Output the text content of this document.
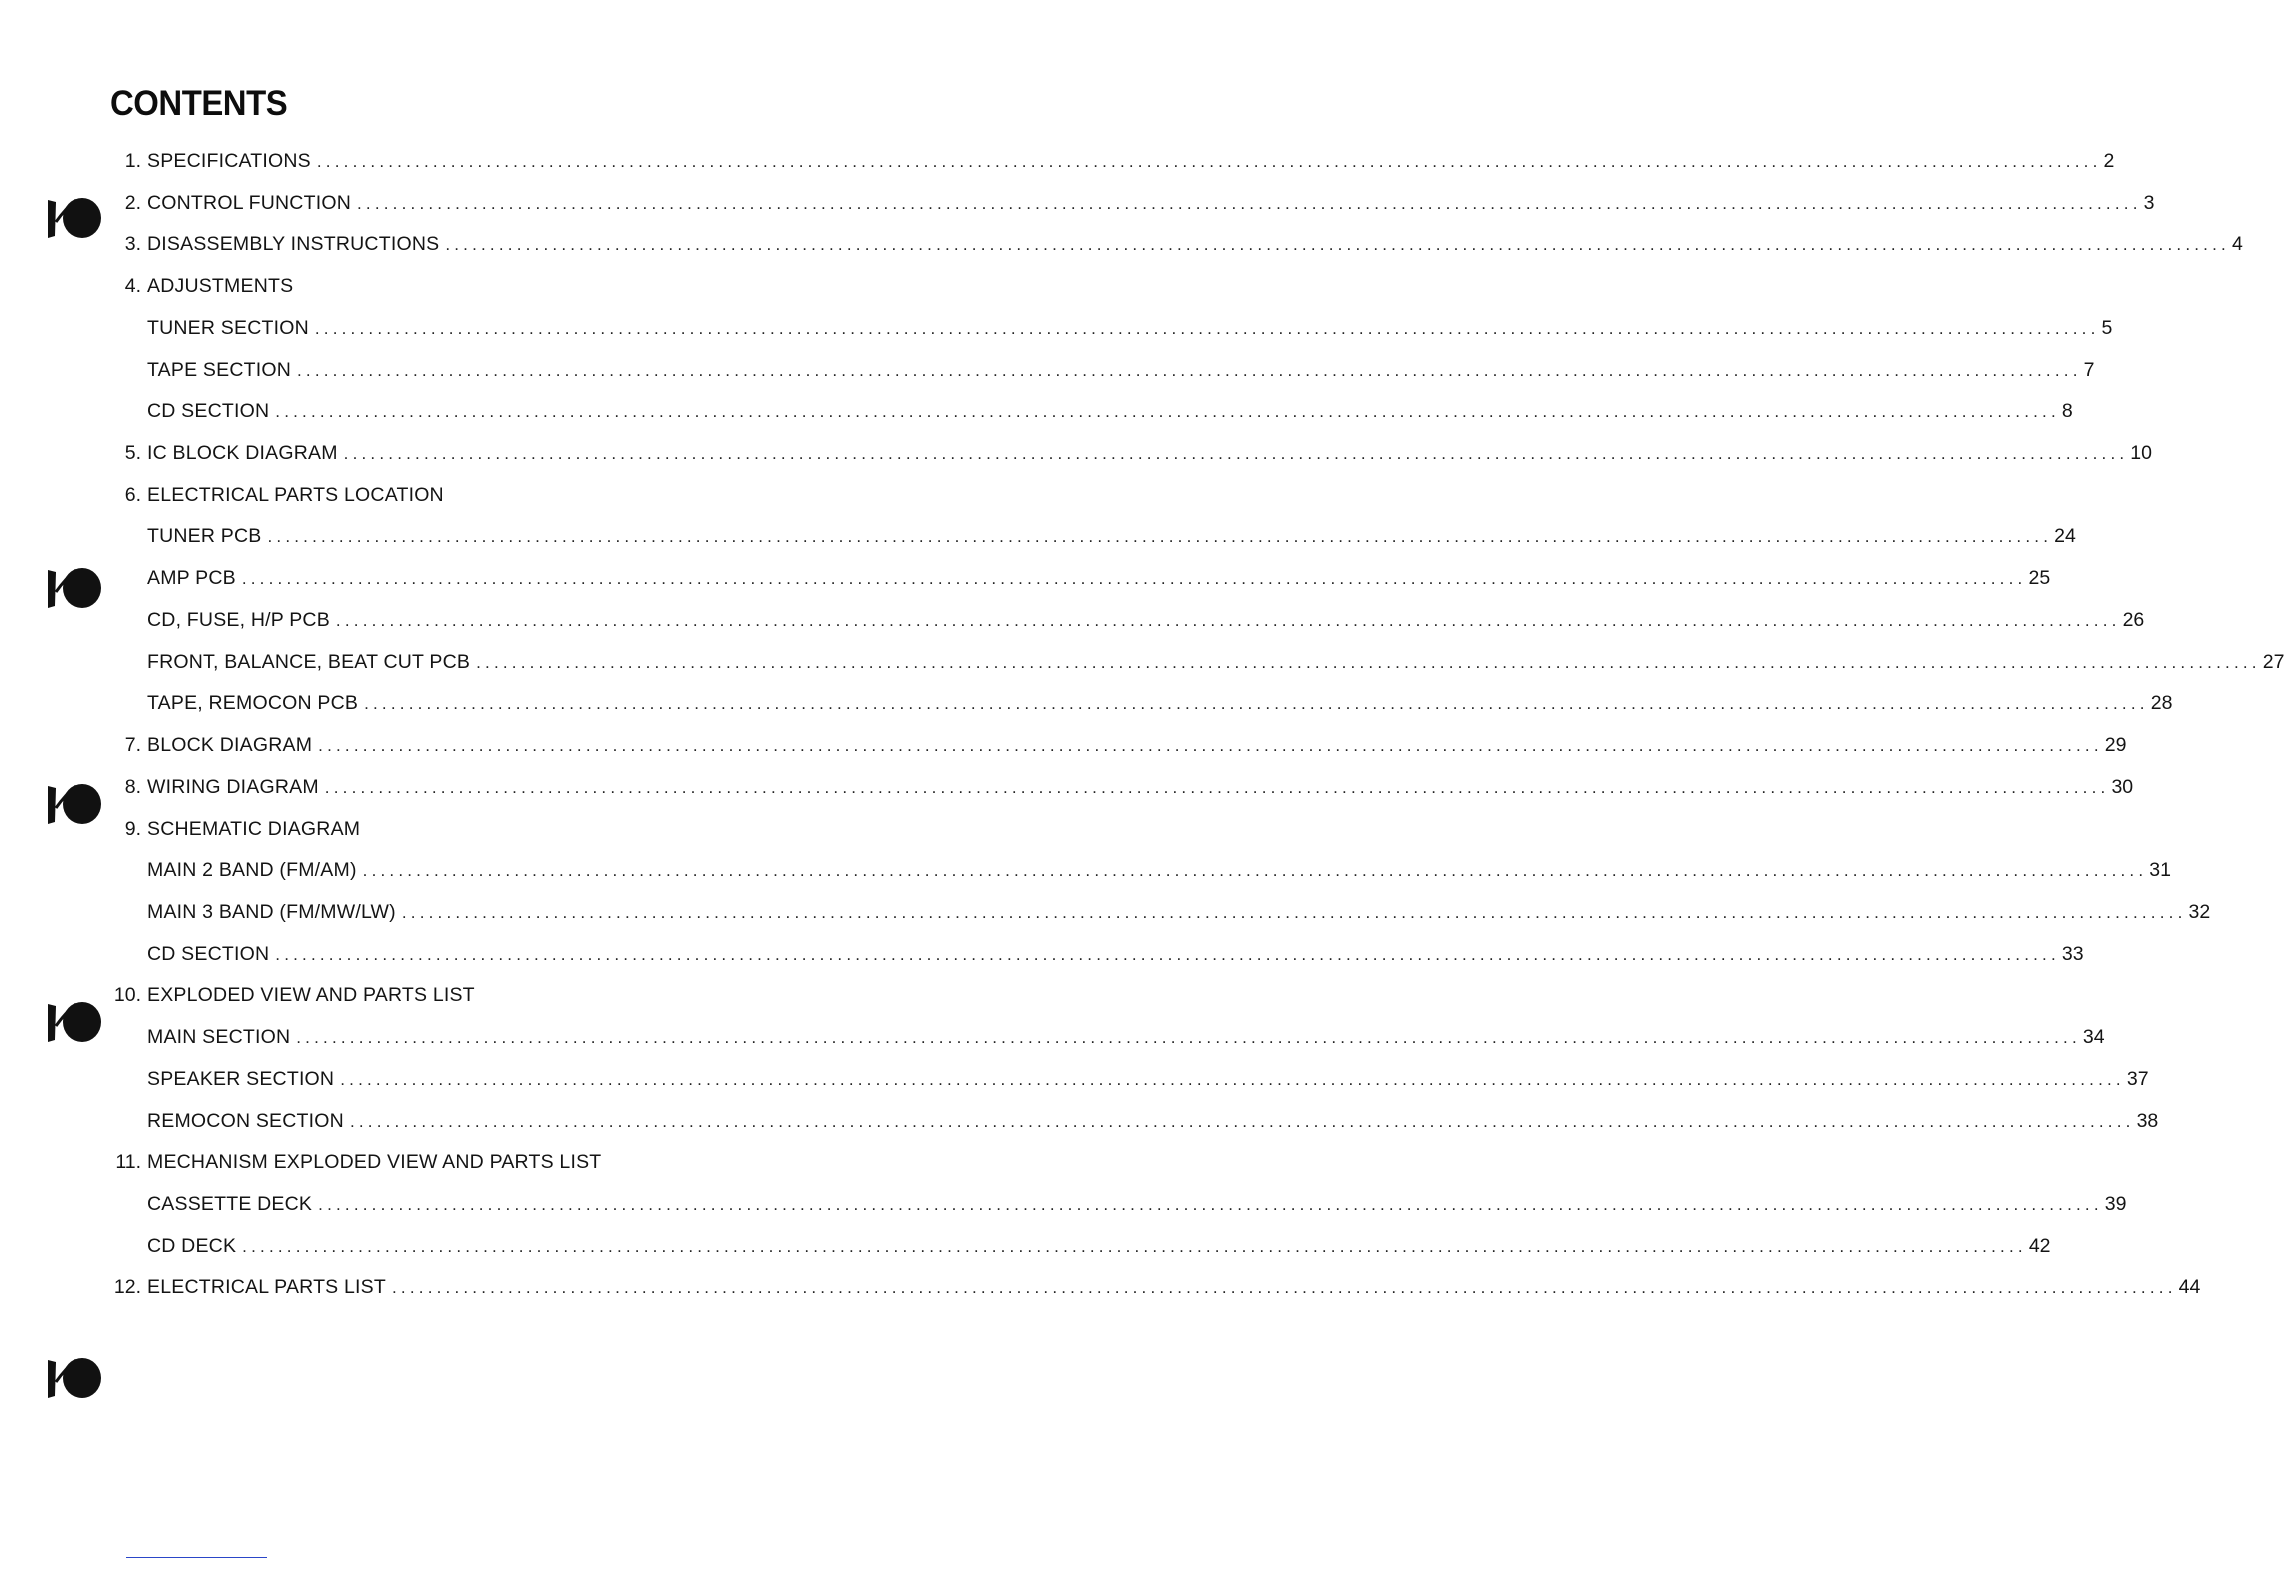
CONTENTS
1. SPECIFICATIONS ........................................................................................................................................................................................................ 2
2. CONTROL FUNCTION ........................................................................................................................................................................................................ 3
3. DISASSEMBLY INSTRUCTIONS ........................................................................................................................................................................................................ 4
4. ADJUSTMENTS
TUNER SECTION ........................................................................................................................................................................................................ 5
TAPE SECTION ........................................................................................................................................................................................................ 7
CD SECTION ........................................................................................................................................................................................................ 8
5. IC BLOCK DIAGRAM ........................................................................................................................................................................................................ 10
6. ELECTRICAL PARTS LOCATION
TUNER PCB ........................................................................................................................................................................................................ 24
AMP PCB ........................................................................................................................................................................................................ 25
CD, FUSE, H/P PCB ........................................................................................................................................................................................................ 26
FRONT, BALANCE, BEAT CUT PCB ........................................................................................................................................................................................................ 27
TAPE, REMOCON PCB ........................................................................................................................................................................................................ 28
7. BLOCK DIAGRAM ........................................................................................................................................................................................................ 29
8. WIRING DIAGRAM ........................................................................................................................................................................................................ 30
9. SCHEMATIC DIAGRAM
MAIN 2 BAND (FM/AM) ........................................................................................................................................................................................................ 31
MAIN 3 BAND (FM/MW/LW) ........................................................................................................................................................................................................ 32
CD SECTION ........................................................................................................................................................................................................ 33
10. EXPLODED VIEW AND PARTS LIST
MAIN SECTION ........................................................................................................................................................................................................ 34
SPEAKER SECTION ........................................................................................................................................................................................................ 37
REMOCON SECTION ........................................................................................................................................................................................................ 38
11. MECHANISM EXPLODED VIEW AND PARTS LIST
CASSETTE DECK ........................................................................................................................................................................................................ 39
CD DECK ........................................................................................................................................................................................................ 42
12. ELECTRICAL PARTS LIST ........................................................................................................................................................................................................ 44
